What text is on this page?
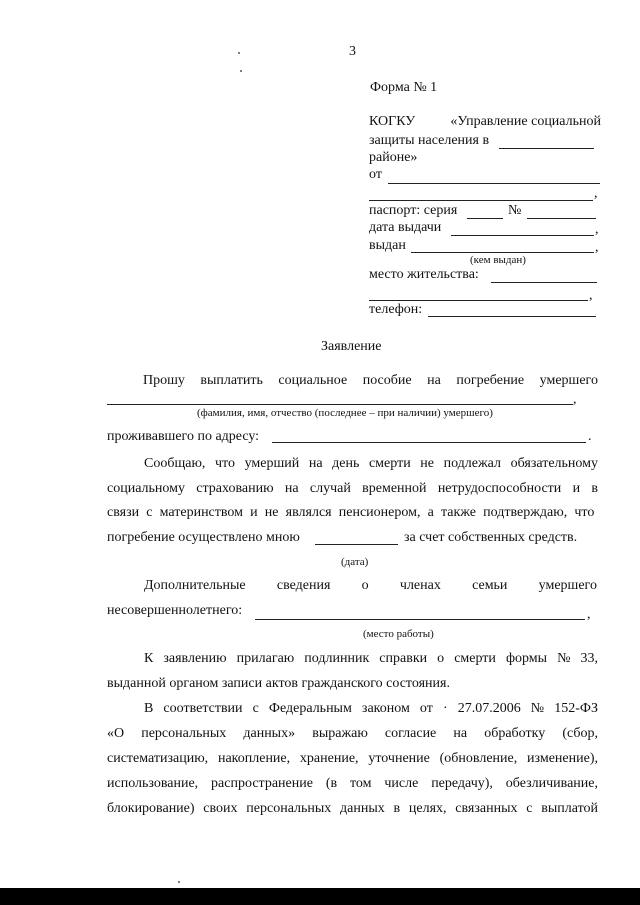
3
Форма № 1
КОГКУ	«Управление социальной
защиты населения в
районе»
от
,
паспорт: серия	№
дата выдачи	,
выдан	,
(кем выдан)
место жительства:
,
телефон:
Заявление
Прошу выплатить социальное пособие на погребение умершего
,
(фамилия, имя, отчество (последнее – при наличии) умершего)
проживавшего по адресу:	.
Сообщаю, что умерший на день смерти не подлежал обязательному
социальному страхованию на случай временной нетрудоспособности и в
связи с материнством и не являлся пенсионером, а также подтверждаю, что
погребение осуществлено мною	за счет собственных средств.
(дата)
Дополнительные сведения о членах семьи умершего
несовершеннолетнего:	,
(место работы)
К заявлению прилагаю подлинник справки о смерти формы № 33,
выданной органом записи актов гражданского состояния.
В соответствии с Федеральным законом от · 27.07.2006 № 152-ФЗ
«О персональных данных» выражаю согласие на обработку (сбор,
систематизацию, накопление, хранение, уточнение (обновление, изменение),
использование, распространение (в том числе передачу), обезличивание,
блокирование) своих персональных данных в целях, связанных с выплатой
